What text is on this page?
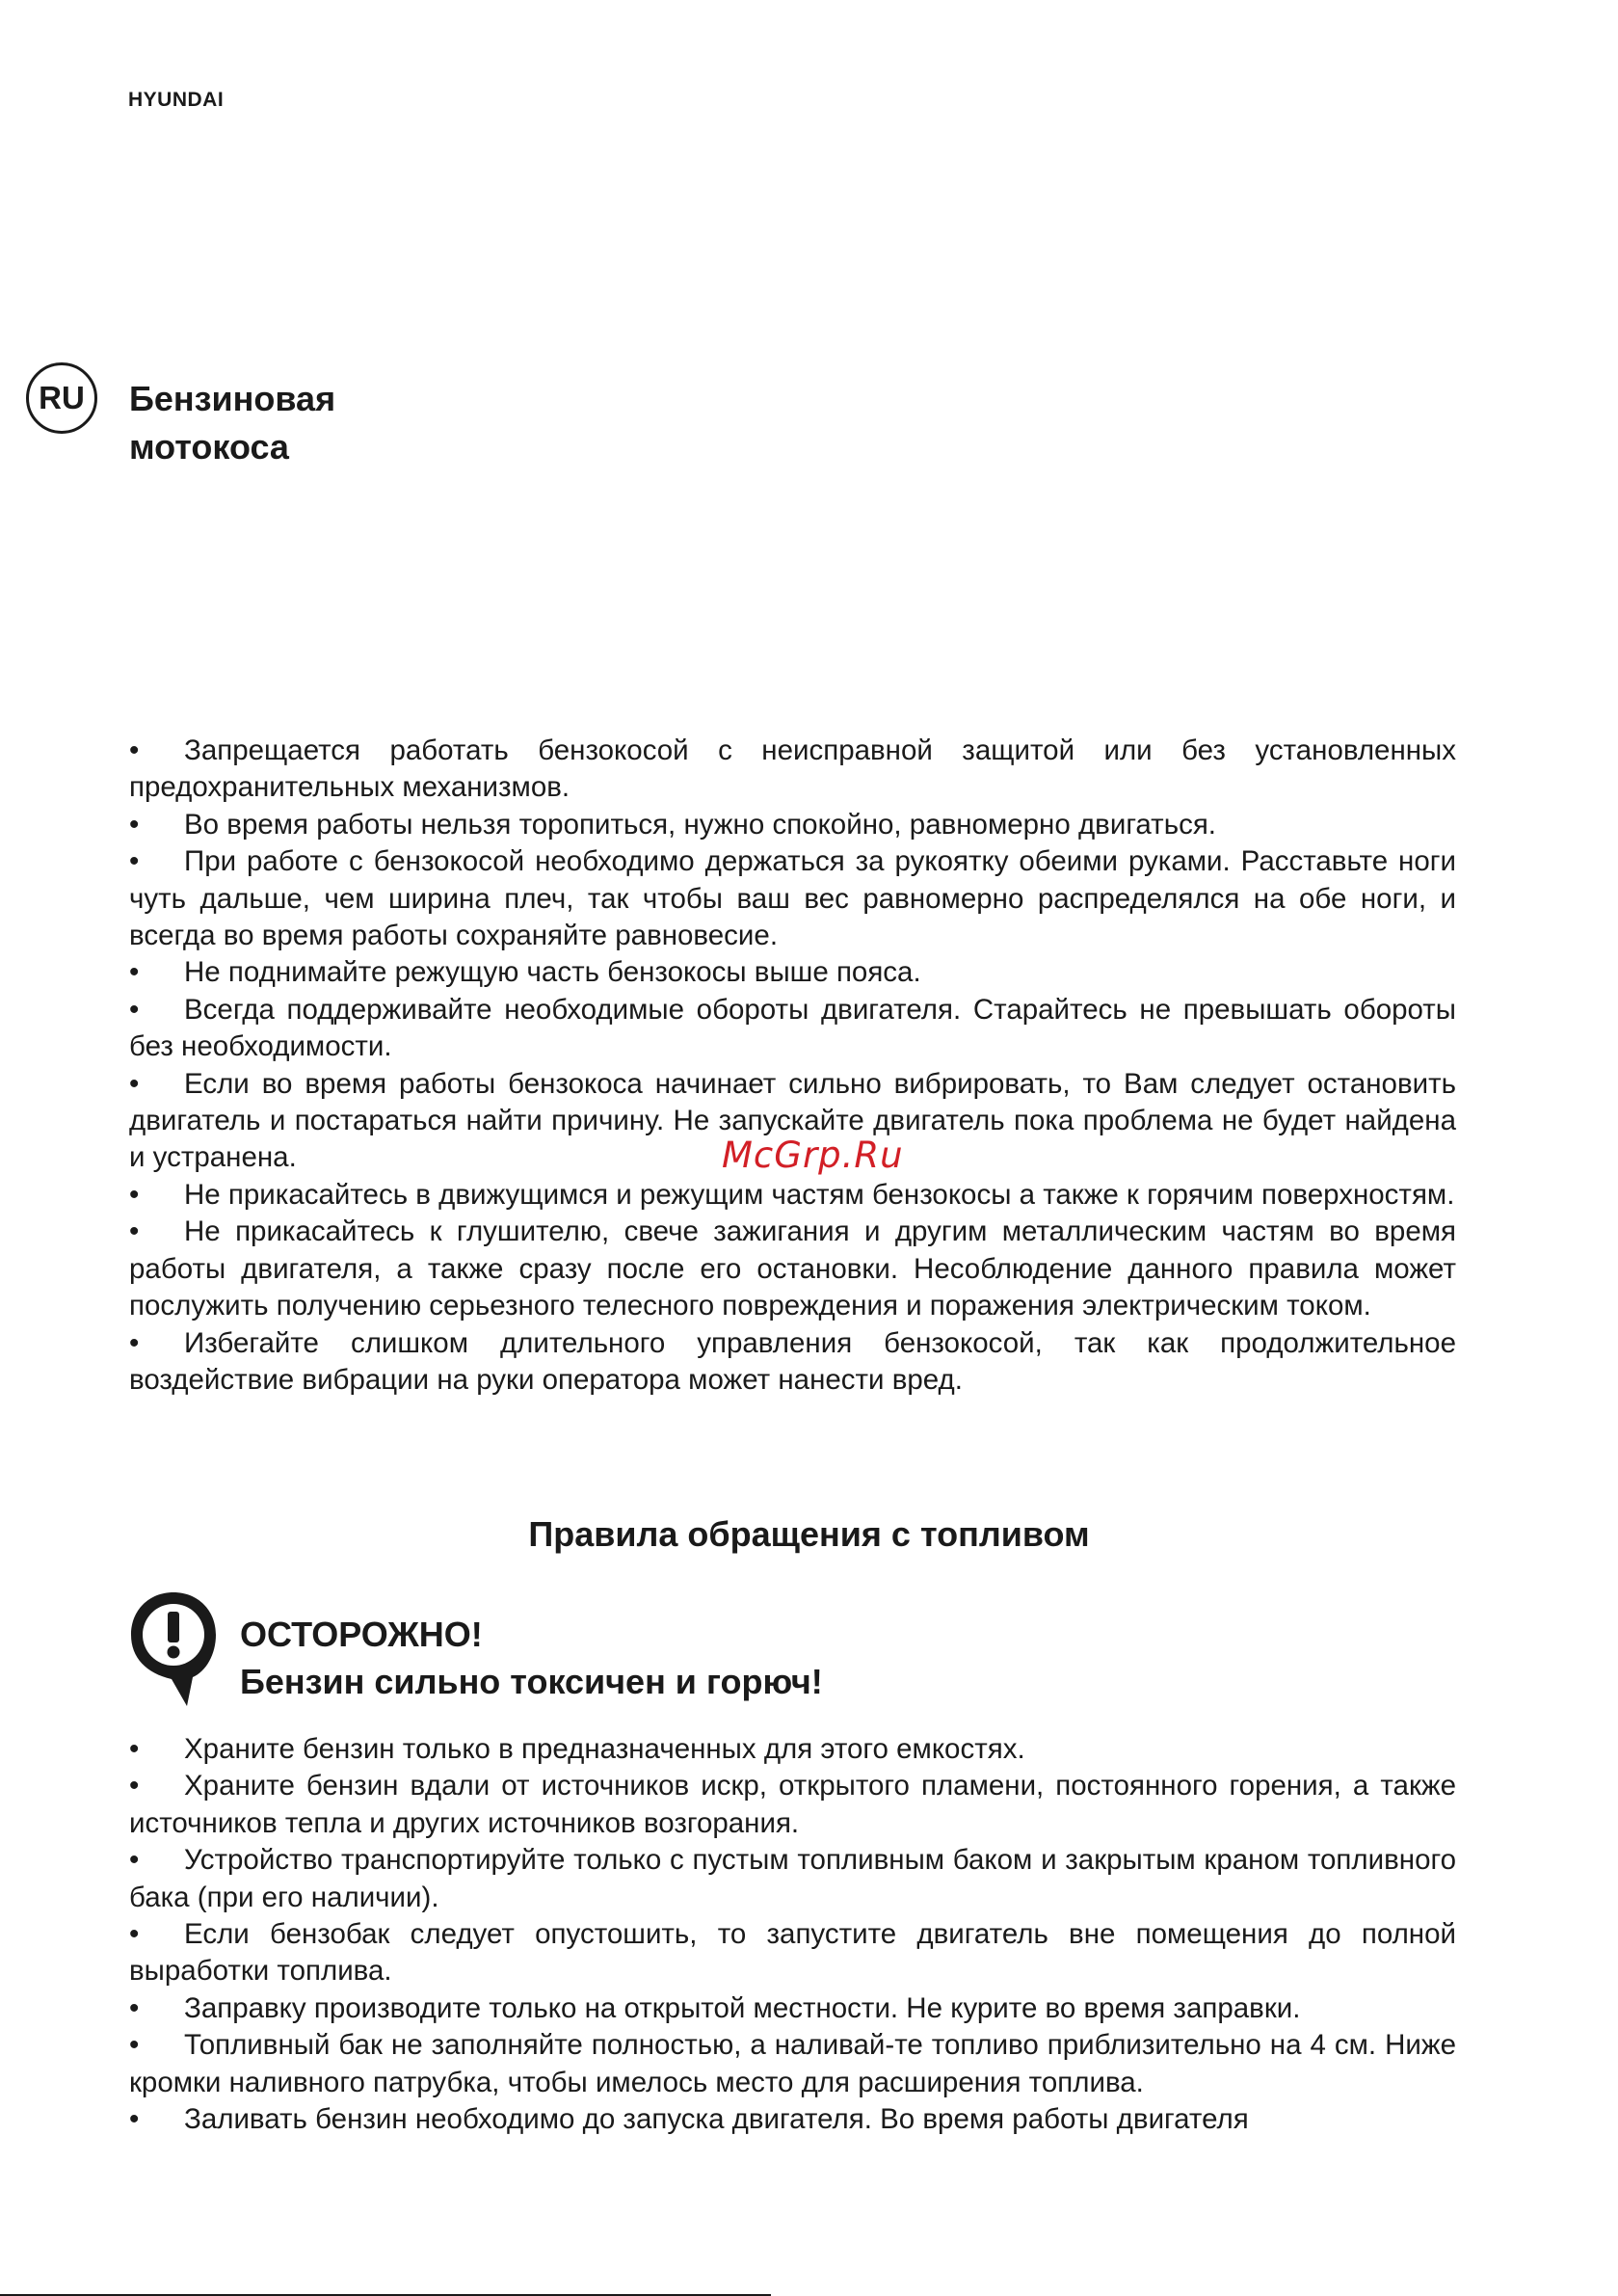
HYUNDAI
RU	Бензиновая
мотокоса
• Запрещается работать бензокосой с неисправной защитой или без установленных предохранительных механизмов.
• Во время работы нельзя торопиться, нужно спокойно, равномерно двигаться.
• При работе с бензокосой необходимо держаться за рукоятку обеими руками. Расставьте ноги чуть дальше, чем ширина плеч, так чтобы ваш вес равномерно распределялся на обе ноги, и всегда во время работы сохраняйте равновесие.
• Не поднимайте режущую часть бензокосы выше пояса.
• Всегда поддерживайте необходимые обороты двигателя. Старайтесь не превышать обороты без необходимости.
• Если во время работы бензокоса начинает сильно вибрировать, то Вам следует остановить двигатель и постараться найти причину. Не запускайте двигатель пока проблема не будет найдена и устранена.
• Не прикасайтесь в движущимся и режущим частям бензокосы а также к горячим поверхностям.
• Не прикасайтесь к глушителю, свече зажигания и другим металлическим частям во время работы двигателя, а также сразу после его остановки. Несоблюдение данного правила может послужить получению серьезного телесного повреждения и поражения электрическим током.
• Избегайте слишком длительного управления бензокосой, так как продолжительное воздействие вибрации на руки оператора может нанести вред.
Правила обращения с топливом
ОСТОРОЖНО!
Бензин сильно токсичен и горюч!
• Храните бензин только в предназначенных для этого емкостях.
• Храните бензин вдали от источников искр, открытого пламени, постоянного горения, а также источников тепла и других источников возгорания.
• Устройство транспортируйте только с пустым топливным баком и закрытым краном топливного бака (при его наличии).
• Если бензобак следует опустошить, то запустите двигатель вне помещения до полной выработки топлива.
• Заправку производите только на открытой местности. Не курите во время заправки.
• Топливный бак не заполняйте полностью, а наливай-те топливо приблизительно на 4 см. Ниже кромки наливного патрубка, чтобы имелось место для расширения топлива.
• Заливать бензин необходимо до запуска двигателя. Во время работы двигателя
McGrp.Ru
